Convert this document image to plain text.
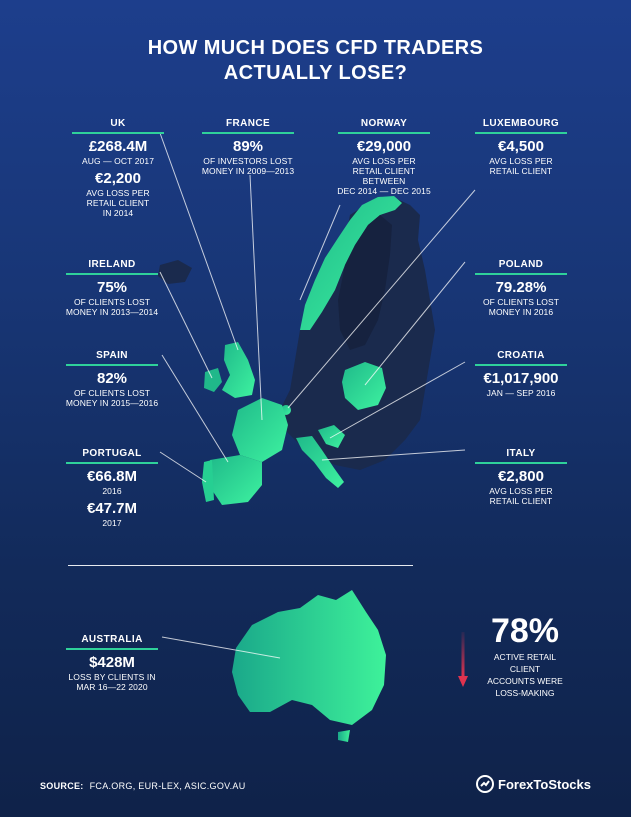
HOW MUCH DOES CFD TRADERS
ACTUALLY LOSE?
UK
£268.4M
AUG — OCT 2017
€2,200
AVG LOSS PER
RETAIL CLIENT
IN 2014
FRANCE
89%
OF INVESTORS LOST
MONEY IN 2009—2013
NORWAY
€29,000
AVG LOSS PER
RETAIL CLIENT
BETWEEN
DEC 2014 — DEC 2015
LUXEMBOURG
€4,500
AVG LOSS PER
RETAIL CLIENT
IRELAND
75%
OF CLIENTS LOST
MONEY IN 2013—2014
POLAND
79.28%
OF CLIENTS LOST
MONEY IN 2016
SPAIN
82%
OF CLIENTS LOST
MONEY IN 2015—2016
CROATIA
€1,017,900
JAN — SEP 2016
PORTUGAL
€66.8M
2016
€47.7M
2017
ITALY
€2,800
AVG LOSS PER
RETAIL CLIENT
AUSTRALIA
$428M
LOSS BY CLIENTS IN
MAR 16—22 2020
78%
ACTIVE RETAIL
CLIENT
ACCOUNTS WERE
LOSS-MAKING
SOURCE: FCA.ORG, EUR-LEX, ASIC.GOV.AU	ForexToStocks
